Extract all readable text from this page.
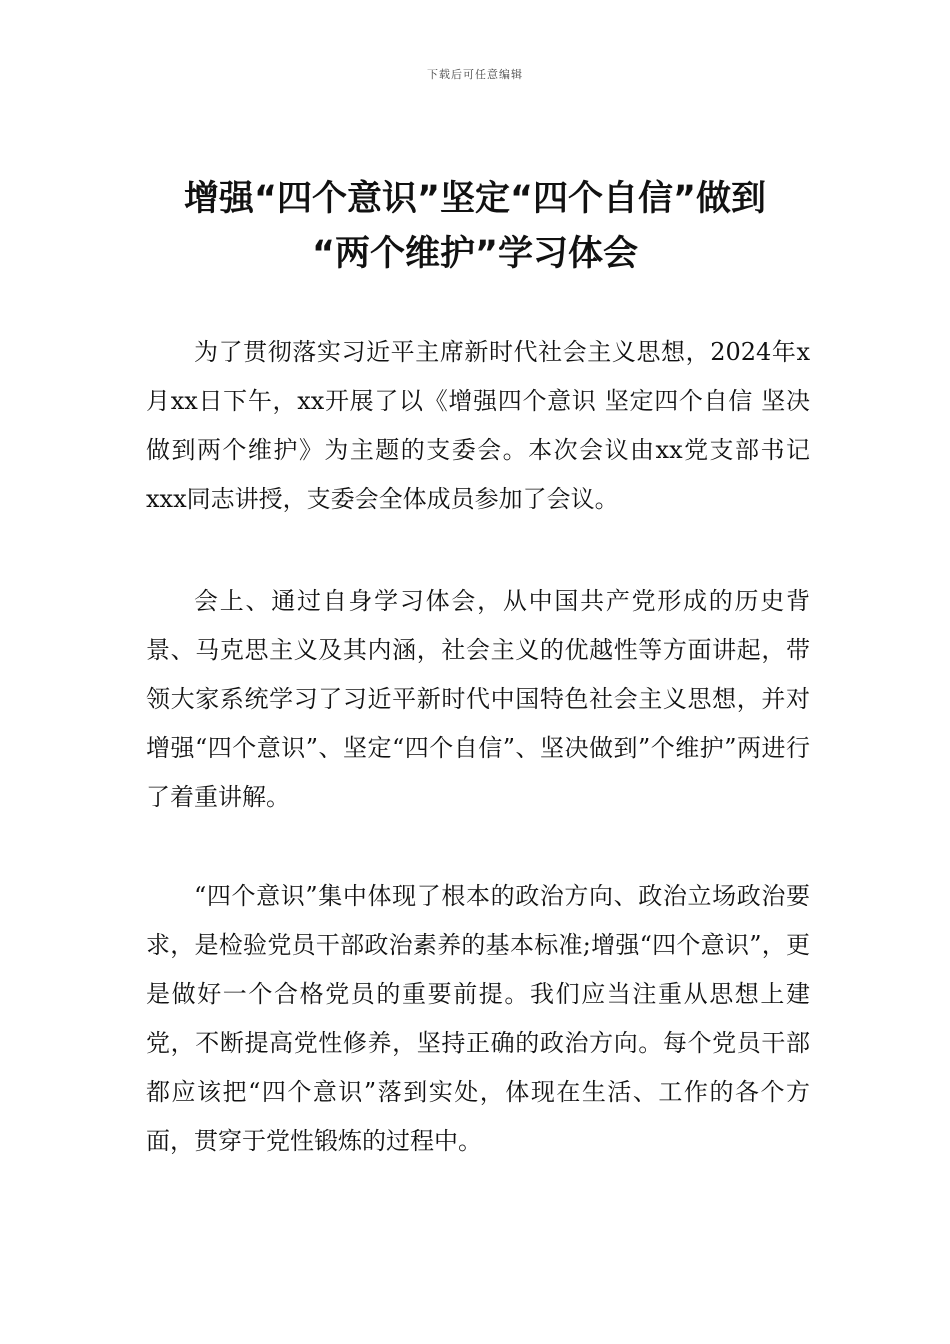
下载后可任意编辑
增强“四个意识”坚定“四个自信”做到
“两个维护”学习体会

为了贯彻落实习近平主席新时代社会主义思想，2024年x月xx日下午，xx开展了以《增强四个意识 坚定四个自信 坚决做到两个维护》为主题的支委会。本次会议由xx党支部书记xxx同志讲授，支委会全体成员参加了会议。

会上、通过自身学习体会，从中国共产党形成的历史背景、马克思主义及其内涵，社会主义的优越性等方面讲起，带领大家系统学习了习近平新时代中国特色社会主义思想，并对增强“四个意识”、坚定“四个自信”、坚决做到”个维护”两进行了着重讲解。

“四个意识”集中体现了根本的政治方向、政治立场政治要求，是检验党员干部政治素养的基本标准;增强“四个意识”，更是做好一个合格党员的重要前提。我们应当注重从思想上建党，不断提高党性修养，坚持正确的政治方向。每个党员干部都应该把“四个意识”落到实处，体现在生活、工作的各个方面，贯穿于党性锻炼的过程中。
